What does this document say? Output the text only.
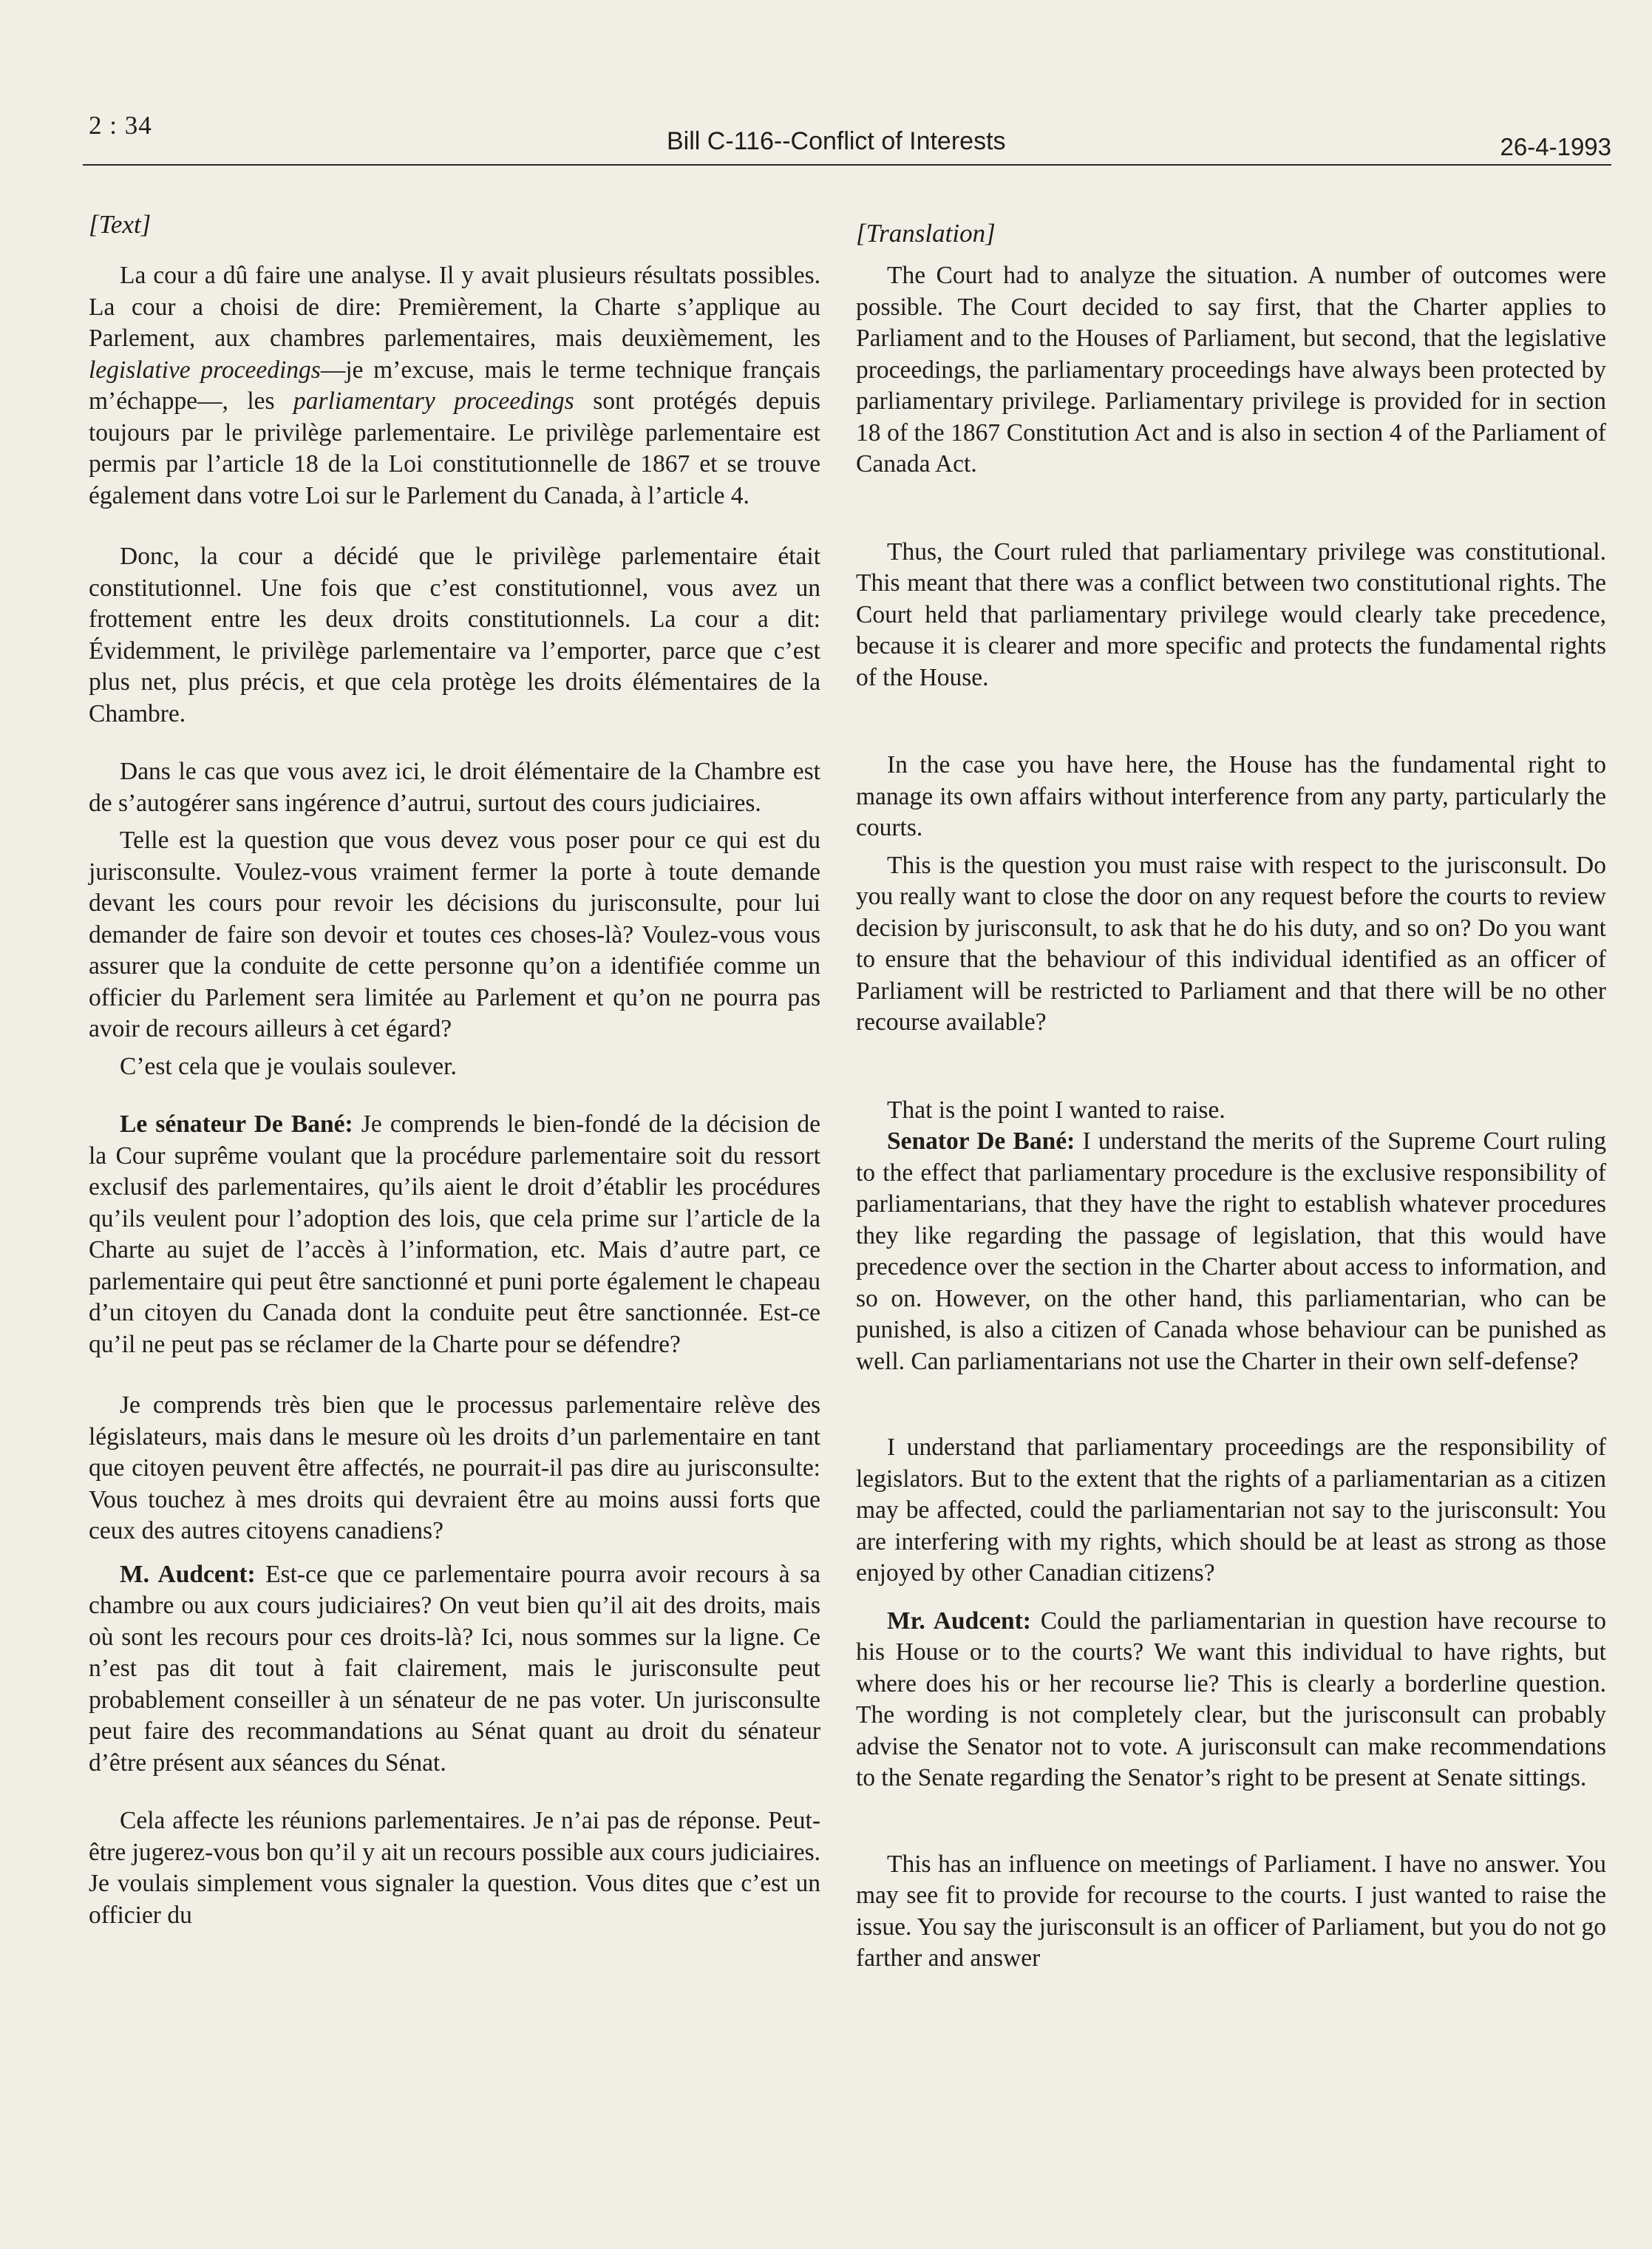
2 : 34
Bill C-116--Conflict of Interests	26-4-1993
[Text]

La cour a dû faire une analyse. Il y avait plusieurs résultats possibles. La cour a choisi de dire: Premièrement, la Charte s’applique au Parlement, aux chambres parlementaires, mais deuxièmement, les legislative proceedings—je m’excuse, mais le terme technique français m’échappe—, les parliamentary proceedings sont protégés depuis toujours par le privilège parlementaire. Le privilège parlementaire est permis par l’article 18 de la Loi constitutionnelle de 1867 et se trouve également dans votre Loi sur le Parlement du Canada, à l’article 4.

Donc, la cour a décidé que le privilège parlementaire était constitutionnel. Une fois que c’est constitutionnel, vous avez un frottement entre les deux droits constitutionnels. La cour a dit: Évidemment, le privilège parlementaire va l’emporter, parce que c’est plus net, plus précis, et que cela protège les droits élémentaires de la Chambre.

Dans le cas que vous avez ici, le droit élémentaire de la Chambre est de s’autogérer sans ingérence d’autrui, surtout des cours judiciaires.

Telle est la question que vous devez vous poser pour ce qui est du jurisconsulte. Voulez-vous vraiment fermer la porte à toute demande devant les cours pour revoir les décisions du jurisconsulte, pour lui demander de faire son devoir et toutes ces choses-là? Voulez-vous vous assurer que la conduite de cette personne qu’on a identifiée comme un officier du Parlement sera limitée au Parlement et qu’on ne pourra pas avoir de recours ailleurs à cet égard?

C’est cela que je voulais soulever.

Le sénateur De Bané: Je comprends le bien-fondé de la décision de la Cour suprême voulant que la procédure parlementaire soit du ressort exclusif des parlementaires, qu’ils aient le droit d’établir les procédures qu’ils veulent pour l’adoption des lois, que cela prime sur l’article de la Charte au sujet de l’accès à l’information, etc. Mais d’autre part, ce parlementaire qui peut être sanctionné et puni porte également le chapeau d’un citoyen du Canada dont la conduite peut être sanctionnée. Est-ce qu’il ne peut pas se réclamer de la Charte pour se défendre?

Je comprends très bien que le processus parlementaire relève des législateurs, mais dans le mesure où les droits d’un parlementaire en tant que citoyen peuvent être affectés, ne pourrait-il pas dire au jurisconsulte: Vous touchez à mes droits qui devraient être au moins aussi forts que ceux des autres citoyens canadiens?

M. Audcent: Est-ce que ce parlementaire pourra avoir recours à sa chambre ou aux cours judiciaires? On veut bien qu’il ait des droits, mais où sont les recours pour ces droits-là? Ici, nous sommes sur la ligne. Ce n’est pas dit tout à fait clairement, mais le jurisconsulte peut probablement conseiller à un sénateur de ne pas voter. Un jurisconsulte peut faire des recommandations au Sénat quant au droit du sénateur d’être présent aux séances du Sénat.

Cela affecte les réunions parlementaires. Je n’ai pas de réponse. Peut-être jugerez-vous bon qu’il y ait un recours possible aux cours judiciaires. Je voulais simplement vous signaler la question. Vous dites que c’est un officier du

[Translation]

The Court had to analyze the situation. A number of outcomes were possible. The Court decided to say first, that the Charter applies to Parliament and to the Houses of Parliament, but second, that the legislative proceedings, the parliamentary proceedings have always been protected by parliamentary privilege. Parliamentary privilege is provided for in section 18 of the 1867 Constitution Act and is also in section 4 of the Parliament of Canada Act.

Thus, the Court ruled that parliamentary privilege was constitutional. This meant that there was a conflict between two constitutional rights. The Court held that parliamentary privilege would clearly take precedence, because it is clearer and more specific and protects the fundamental rights of the House.

In the case you have here, the House has the fundamental right to manage its own affairs without interference from any party, particularly the courts.

This is the question you must raise with respect to the jurisconsult. Do you really want to close the door on any request before the courts to review decision by jurisconsult, to ask that he do his duty, and so on? Do you want to ensure that the behaviour of this individual identified as an officer of Parliament will be restricted to Parliament and that there will be no other recourse available?

That is the point I wanted to raise.

Senator De Bané: I understand the merits of the Supreme Court ruling to the effect that parliamentary procedure is the exclusive responsibility of parliamentarians, that they have the right to establish whatever procedures they like regarding the passage of legislation, that this would have precedence over the section in the Charter about access to information, and so on. However, on the other hand, this parliamentarian, who can be punished, is also a citizen of Canada whose behaviour can be punished as well. Can parliamentarians not use the Charter in their own self-defense?

I understand that parliamentary proceedings are the responsibility of legislators. But to the extent that the rights of a parliamentarian as a citizen may be affected, could the parliamentarian not say to the jurisconsult: You are interfering with my rights, which should be at least as strong as those enjoyed by other Canadian citizens?

Mr. Audcent: Could the parliamentarian in question have recourse to his House or to the courts? We want this individual to have rights, but where does his or her recourse lie? This is clearly a borderline question. The wording is not completely clear, but the jurisconsult can probably advise the Senator not to vote. A jurisconsult can make recommendations to the Senate regarding the Senator’s right to be present at Senate sittings.

This has an influence on meetings of Parliament. I have no answer. You may see fit to provide for recourse to the courts. I just wanted to raise the issue. You say the jurisconsult is an officer of Parliament, but you do not go farther and answer
